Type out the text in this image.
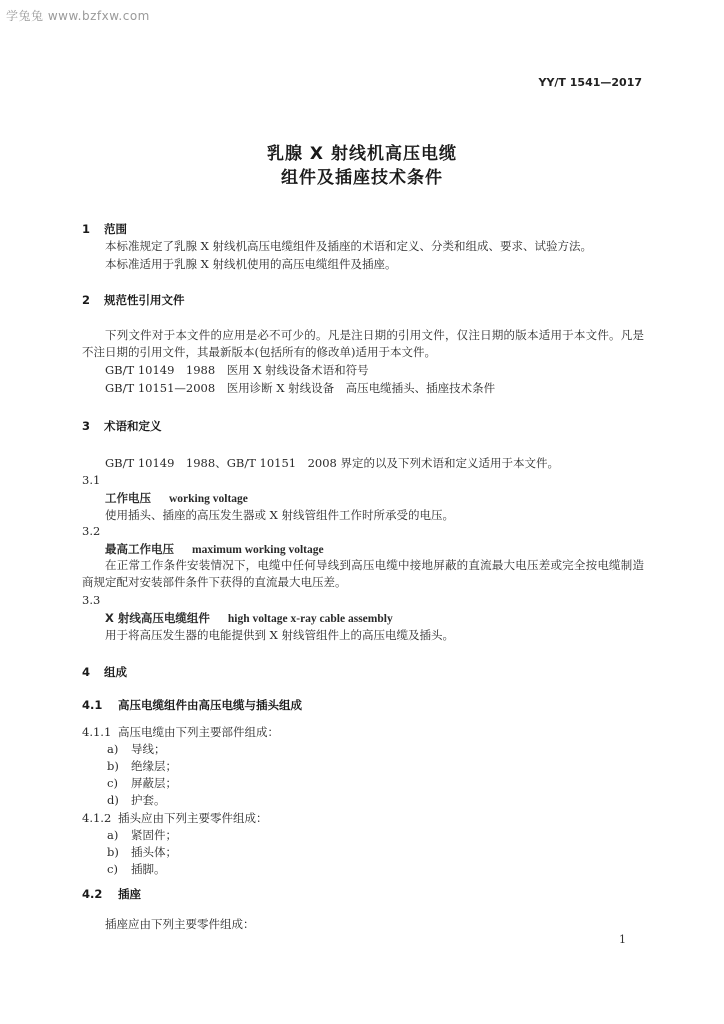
学兔兔 www.bzfxw.com
YY/T 1541—2017
乳腺 X 射线机高压电缆
组件及插座技术条件
1 范围
本标准规定了乳腺 X 射线机高压电缆组件及插座的术语和定义、分类和组成、要求、试验方法。
本标准适用于乳腺 X 射线机使用的高压电缆组件及插座。
2 规范性引用文件
下列文件对于本文件的应用是必不可少的。凡是注日期的引用文件，仅注日期的版本适用于本文件。凡是不注日期的引用文件，其最新版本(包括所有的修改单)适用于本文件。
GB/T 10149　1988　医用 X 射线设备术语和符号
GB/T 10151—2008　医用诊断 X 射线设备　高压电缆插头、插座技术条件
3 术语和定义
GB/T 10149　1988、GB/T 10151　2008 界定的以及下列术语和定义适用于本文件。
3.1
工作电压 working voltage
使用插头、插座的高压发生器或 X 射线管组件工作时所承受的电压。
3.2
最高工作电压 maximum working voltage
在正常工作条件安装情况下，电缆中任何导线到高压电缆中接地屏蔽的直流最大电压差或完全按电缆制造商规定配对安装部件条件下获得的直流最大电压差。
3.3
X 射线高压电缆组件 high voltage x-ray cable assembly
用于将高压发生器的电能提供到 X 射线管组件上的高压电缆及插头。
4 组成
4.1 高压电缆组件由高压电缆与插头组成
4.1.1 高压电缆由下列主要部件组成：
a) 导线；
b) 绝缘层；
c) 屏蔽层；
d) 护套。
4.1.2 插头应由下列主要零件组成：
a) 紧固件；
b) 插头体；
c) 插脚。
4.2 插座
插座应由下列主要零件组成：
1
